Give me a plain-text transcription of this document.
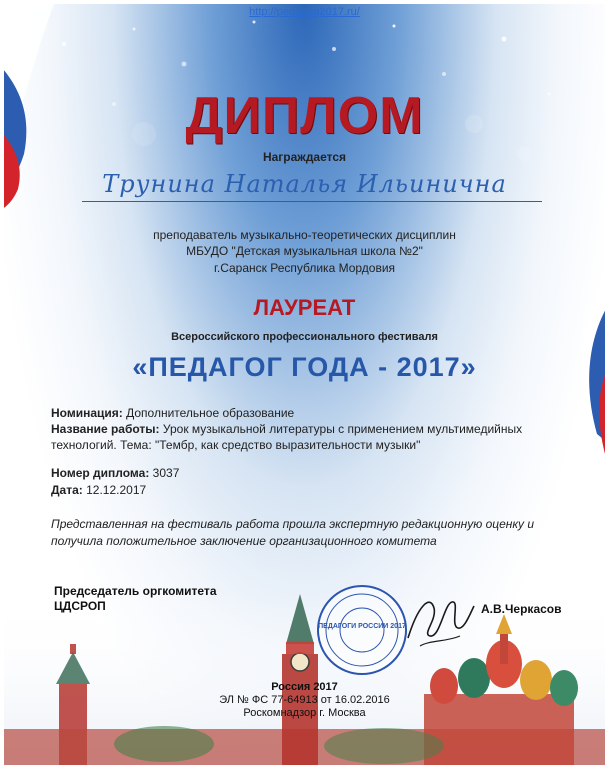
http://pedagog2017.ru/
ДИПЛОМ
Награждается
Трунина Наталья Ильинична
преподаватель музыкально-теоретических дисциплин
МБУДО "Детская музыкальная школа №2"
г.Саранск Республика Мордовия
ЛАУРЕАТ
Всероссийского профессионального фестиваля
«ПЕДАГОГ ГОДА - 2017»
Номинация: Дополнительное образование
Название работы: Урок музыкальной литературы с применением мультимедийных технологий. Тема: "Тембр, как средство выразительности музыки"
Номер диплома: 3037
Дата: 12.12.2017
Представленная на фестиваль работа прошла экспертную редакционную оценку и получила положительное заключение организационного комитета
Председатель оргкомитета
ЦДСРОП
ПЕДАГОГИ РОССИИ 2017
А.В.Черкасов
Россия 2017
ЭЛ № ФС 77-64913 от 16.02.2016
Роскомнадзор г. Москва
